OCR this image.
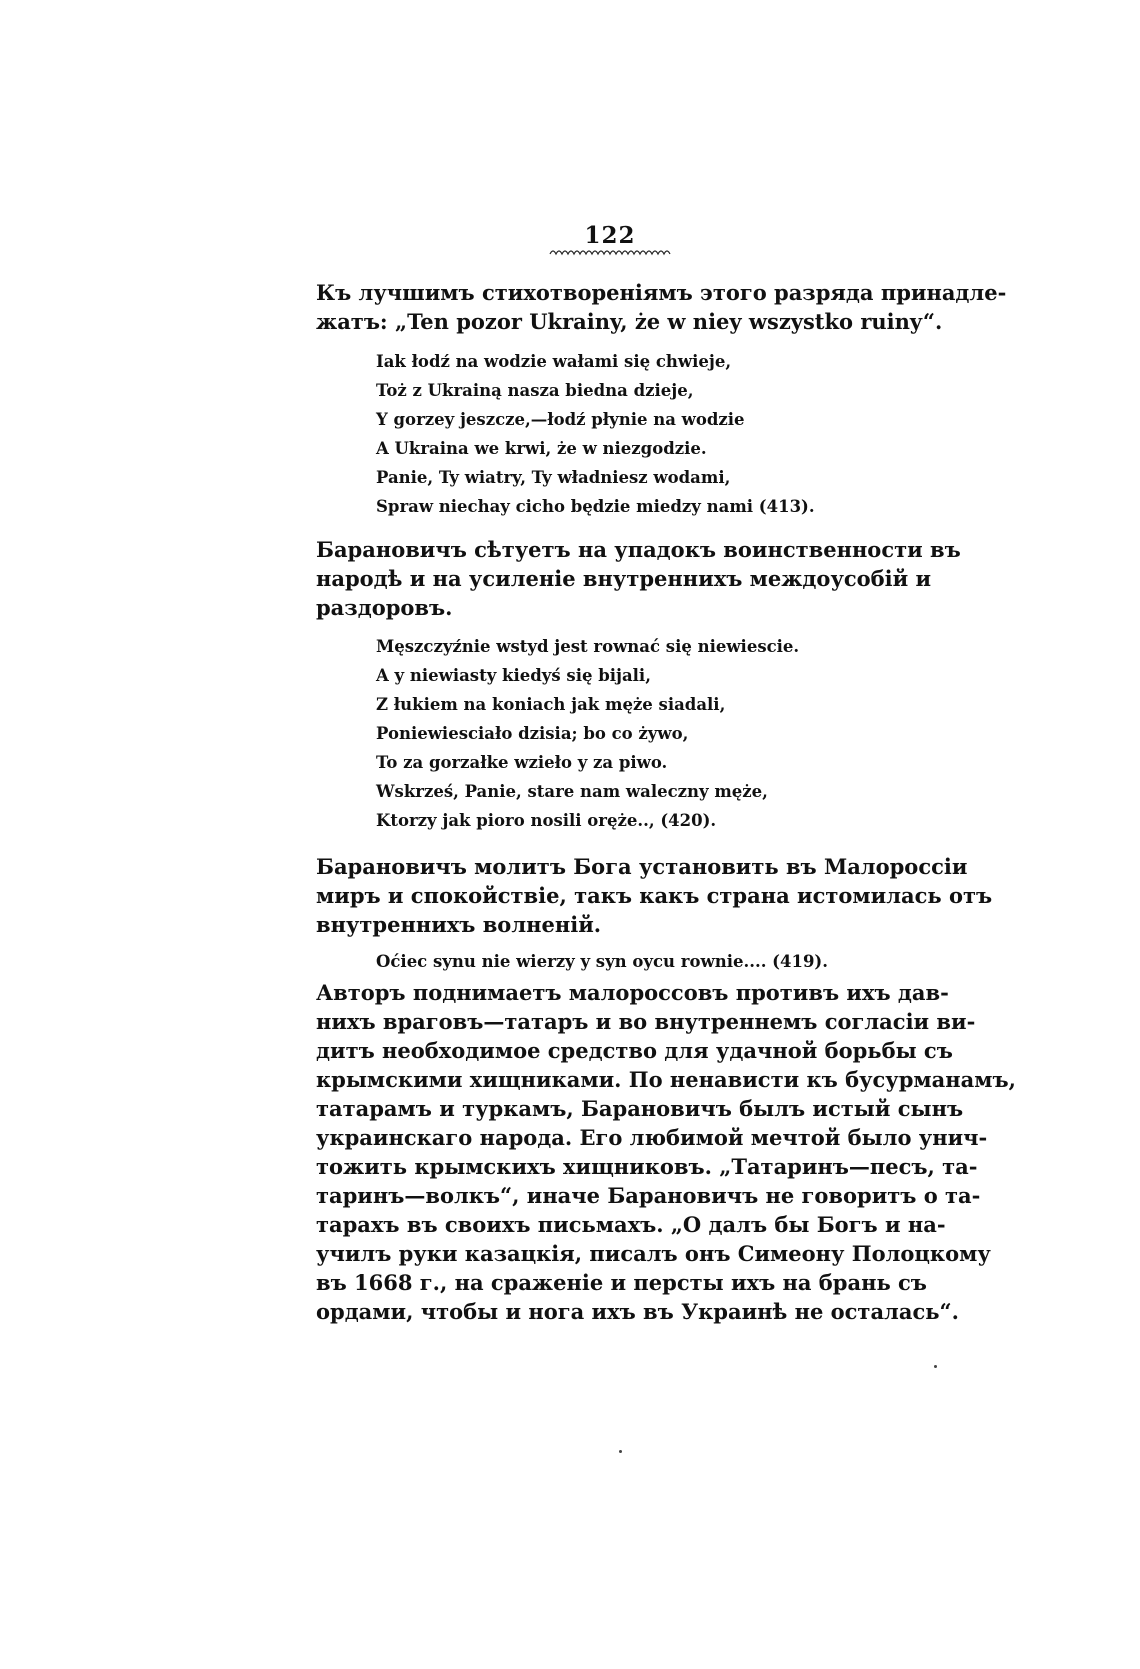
122
Къ лучшимъ стихотвореніямъ этого разряда принадле-
жатъ: „Ten pozor Ukrainy, że w niey wszystko ruiny“.
Iak łodź na wodzie wałami się chwieje,
Toż z Ukrainą nasza biedna dzieje,
Y gorzey jeszcze,—łodź płynie na wodzie
A Ukraina we krwi, że w niezgodzie.
Panie, Ty wiatry, Ty władniesz wodami,
Spraw niechay cicho będzie miedzy nami (413).
Барановичъ сѣтуетъ на упадокъ воинственности въ
народѣ и на усиленіе внутреннихъ междоусобій и
раздоровъ.
Męszczyźnie wstyd jest rownać się niewiescie.
A y niewiasty kiedyś się bijali,
Z łukiem na koniach jak męże siadali,
Poniewiesciało dzisia; bo co żywo,
To za gorzałke wzieło y za piwo.
Wskrześ, Panie, stare nam waleczny męże,
Ktorzy jak pioro nosili oręże.., (420).
Барановичъ молитъ Бога установить въ Малороссіи
миръ и спокойствіе, такъ какъ страна истомилась отъ
внутреннихъ волненій.
Oćiec synu nie wierzy y syn oycu rownie.... (419).
Авторъ поднимаетъ малороссовъ противъ ихъ дав-
нихъ враговъ—татаръ и во внутреннемъ согласіи ви-
дитъ необходимое средство для удачной борьбы съ
крымскими хищниками. По ненависти къ бусурманамъ,
татарамъ и туркамъ, Барановичъ былъ истый сынъ
украинскаго народа. Его любимой мечтой было унич-
тожить крымскихъ хищниковъ. „Татаринъ—песъ, та-
таринъ—волкъ“, иначе Барановичъ не говоритъ о та-
тарахъ въ своихъ письмахъ. „О далъ бы Богъ и на-
училъ руки казацкія, писалъ онъ Симеону Полоцкому
въ 1668 г., на сраженіе и персты ихъ на брань съ
ордами, чтобы и нога ихъ въ Украинѣ не осталась“.
